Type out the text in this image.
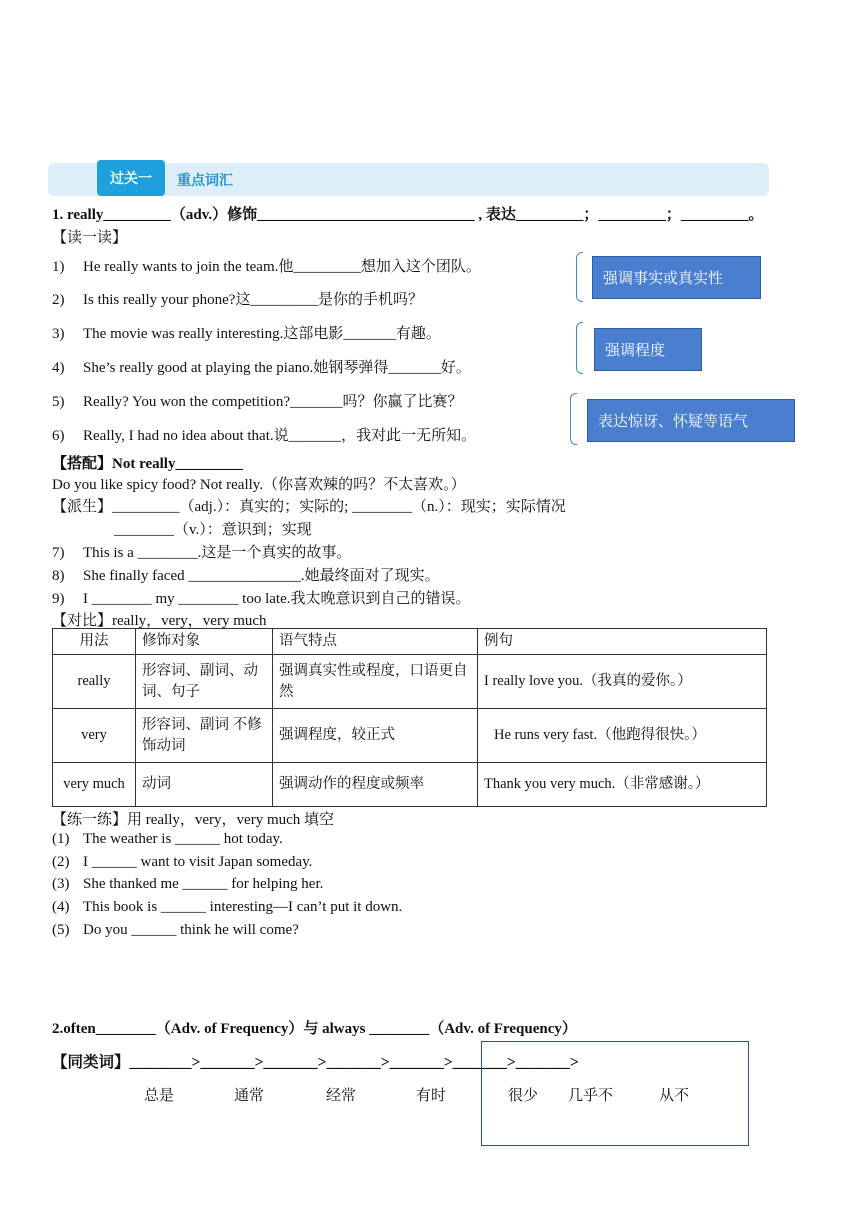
过关一	重点词汇
1. really_________（adv.）修饰_____________________________ , 表达_________；_________；_________。
【读一读】
1) He really wants to join the team.他_________想加入这个团队。
2) Is this really your phone?这_________是你的手机吗？
3) The movie was really interesting.这部电影_______有趣。
4) She’s really good at playing the piano.她钢琴弹得_______好。
5) Really? You won the competition?_______吗？你赢了比赛？
6) Really, I had no idea about that.说_______，我对此一无所知。
强调事实或真实性
强调程度
表达惊讶、怀疑等语气
【搭配】Not really_________
Do you like spicy food? Not really.（你喜欢辣的吗？不太喜欢。）
【派生】_________（adj.）：真实的；实际的; ________（n.）：现实；实际情况
________（v.）：意识到；实现
7) This is a ________.这是一个真实的故事。
8) She finally faced _______________.她最终面对了现实。
9) I ________ my ________ too late.我太晚意识到自己的错误。
【对比】really，very，very much
用法	修饰对象	语气特点	例句
really	形容词、副词、动词、句子	强调真实性或程度，口语更自然	I really love you.（我真的爱你。）
very	形容词、副词 不修饰动词	强调程度，较正式	He runs very fast.（他跑得很快。）
very much	动词	强调动作的程度或频率	Thank you very much.（非常感谢。）
【练一练】用 really，very，very much 填空
(1) The weather is ______ hot today.
(2) I ______ want to visit Japan someday.
(3) She thanked me ______ for helping her.
(4) This book is ______ interesting—I can’t put it down.
(5) Do you ______ think he will come?
2.often________（Adv. of Frequency）与 always ________（Adv. of Frequency）
【同类词】________>_______>_______>_______>_______>_______>_______>
总是	通常	经常	有时	很少 几乎不	从不
